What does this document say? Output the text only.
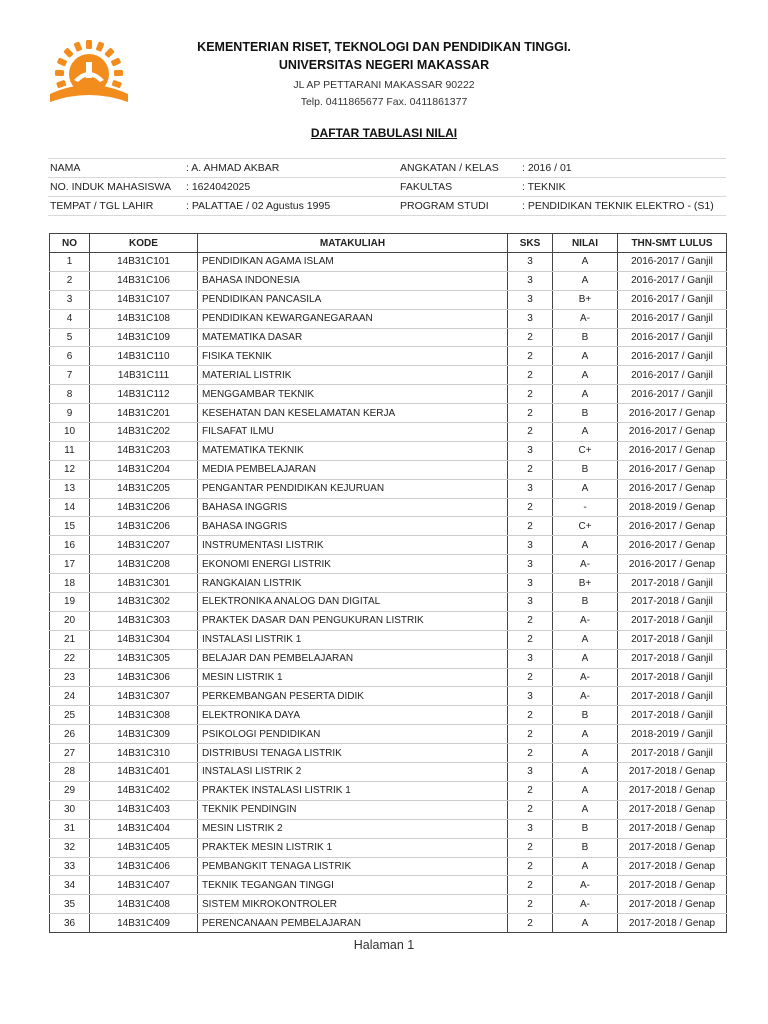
KEMENTERIAN RISET, TEKNOLOGI DAN PENDIDIKAN TINGGI.
UNIVERSITAS NEGERI MAKASSAR
JL AP PETTARANI MAKASSAR 90222
Telp. 0411865677 Fax. 0411861377
DAFTAR TABULASI NILAI
NAMA	: A. AHMAD AKBAR	ANGKATAN / KELAS	: 2016 / 01
NO. INDUK MAHASISWA	: 1624042025	FAKULTAS	: TEKNIK
TEMPAT / TGL LAHIR	: PALATTAE / 02 Agustus 1995	PROGRAM STUDI	: PENDIDIKAN TEKNIK ELEKTRO - (S1)
NO	KODE	MATAKULIAH	SKS	NILAI	THN-SMT LULUS
1	14B31C101	PENDIDIKAN AGAMA ISLAM	3	A	2016-2017 / Ganjil
2	14B31C106	BAHASA INDONESIA	3	A	2016-2017 / Ganjil
3	14B31C107	PENDIDIKAN PANCASILA	3	B+	2016-2017 / Ganjil
4	14B31C108	PENDIDIKAN KEWARGANEGARAAN	3	A-	2016-2017 / Ganjil
5	14B31C109	MATEMATIKA DASAR	2	B	2016-2017 / Ganjil
6	14B31C110	FISIKA TEKNIK	2	A	2016-2017 / Ganjil
7	14B31C111	MATERIAL LISTRIK	2	A	2016-2017 / Ganjil
8	14B31C112	MENGGAMBAR TEKNIK	2	A	2016-2017 / Ganjil
9	14B31C201	KESEHATAN DAN KESELAMATAN KERJA	2	B	2016-2017 / Genap
10	14B31C202	FILSAFAT ILMU	2	A	2016-2017 / Genap
11	14B31C203	MATEMATIKA TEKNIK	3	C+	2016-2017 / Genap
12	14B31C204	MEDIA PEMBELAJARAN	2	B	2016-2017 / Genap
13	14B31C205	PENGANTAR PENDIDIKAN KEJURUAN	3	A	2016-2017 / Genap
14	14B31C206	BAHASA INGGRIS	2	-	2018-2019 / Genap
15	14B31C206	BAHASA INGGRIS	2	C+	2016-2017 / Genap
16	14B31C207	INSTRUMENTASI LISTRIK	3	A	2016-2017 / Genap
17	14B31C208	EKONOMI ENERGI LISTRIK	3	A-	2016-2017 / Genap
18	14B31C301	RANGKAIAN LISTRIK	3	B+	2017-2018 / Ganjil
19	14B31C302	ELEKTRONIKA ANALOG DAN DIGITAL	3	B	2017-2018 / Ganjil
20	14B31C303	PRAKTEK DASAR DAN PENGUKURAN LISTRIK	2	A-	2017-2018 / Ganjil
21	14B31C304	INSTALASI LISTRIK 1	2	A	2017-2018 / Ganjil
22	14B31C305	BELAJAR DAN PEMBELAJARAN	3	A	2017-2018 / Ganjil
23	14B31C306	MESIN LISTRIK 1	2	A-	2017-2018 / Ganjil
24	14B31C307	PERKEMBANGAN PESERTA DIDIK	3	A-	2017-2018 / Ganjil
25	14B31C308	ELEKTRONIKA DAYA	2	B	2017-2018 / Ganjil
26	14B31C309	PSIKOLOGI PENDIDIKAN	2	A	2018-2019 / Ganjil
27	14B31C310	DISTRIBUSI TENAGA LISTRIK	2	A	2017-2018 / Ganjil
28	14B31C401	INSTALASI LISTRIK 2	3	A	2017-2018 / Genap
29	14B31C402	PRAKTEK INSTALASI LISTRIK 1	2	A	2017-2018 / Genap
30	14B31C403	TEKNIK PENDINGIN	2	A	2017-2018 / Genap
31	14B31C404	MESIN LISTRIK 2	3	B	2017-2018 / Genap
32	14B31C405	PRAKTEK MESIN LISTRIK 1	2	B	2017-2018 / Genap
33	14B31C406	PEMBANGKIT TENAGA LISTRIK	2	A	2017-2018 / Genap
34	14B31C407	TEKNIK TEGANGAN TINGGI	2	A-	2017-2018 / Genap
35	14B31C408	SISTEM MIKROKONTROLER	2	A-	2017-2018 / Genap
36	14B31C409	PERENCANAAN PEMBELAJARAN	2	A	2017-2018 / Genap
Halaman 1
